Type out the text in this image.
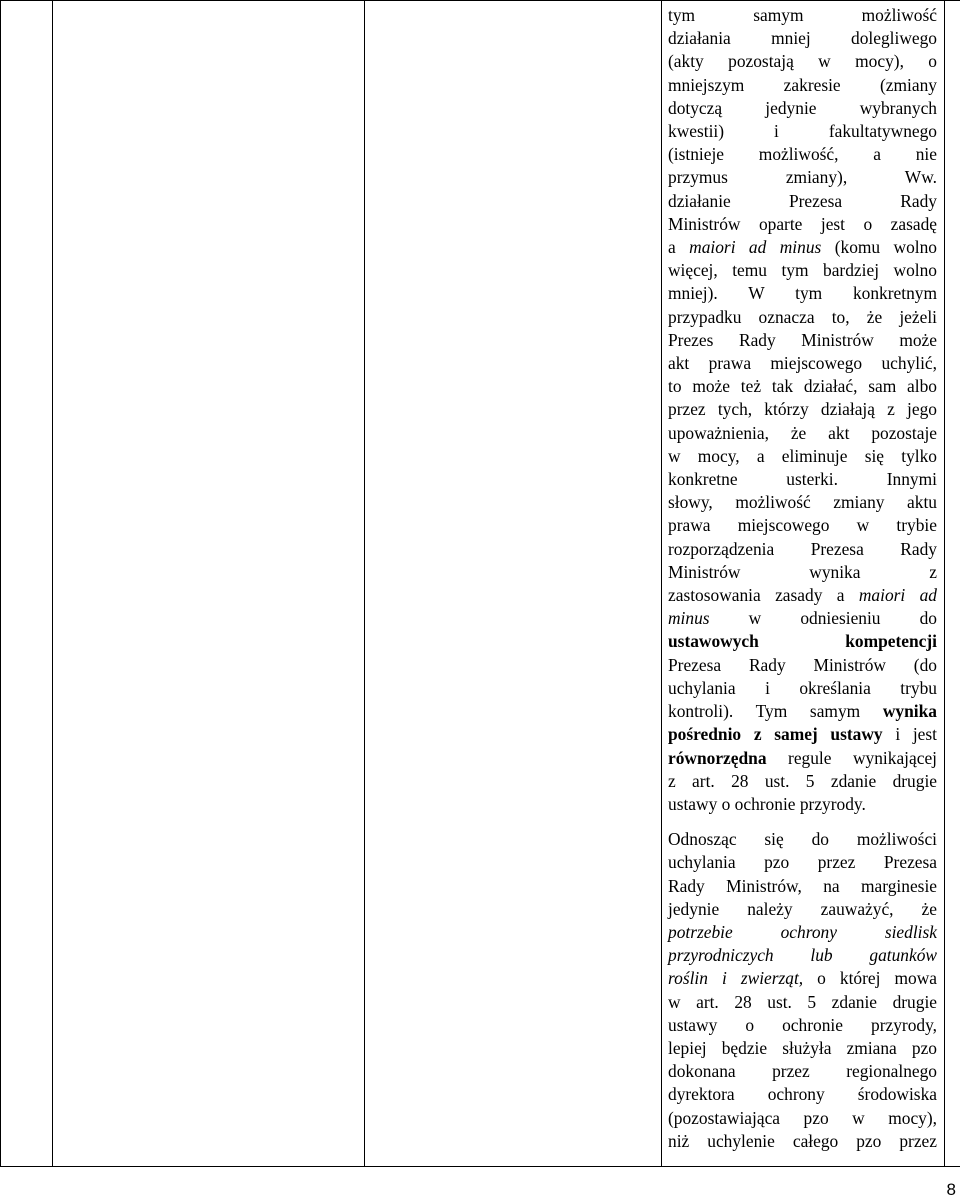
tym samym możliwość

działania mniej dolegliwego

(akty pozostają w mocy), o

mniejszym zakresie (zmiany

dotyczą jedynie wybranych

kwestii) i fakultatywnego

(istnieje możliwość, a nie

przymus zmiany), Ww.

działanie Prezesa Rady

Ministrów oparte jest o zasadę

a maiori ad minus (komu wolno

więcej, temu tym bardziej wolno

mniej). W tym konkretnym

przypadku oznacza to, że jeżeli

Prezes Rady Ministrów może

akt prawa miejscowego uchylić,

to może też tak działać, sam albo

przez tych, którzy działają z jego

upoważnienia, że akt pozostaje

w mocy, a eliminuje się tylko

konkretne usterki. Innymi

słowy, możliwość zmiany aktu

prawa miejscowego w trybie

rozporządzenia Prezesa Rady

Ministrów wynika z

zastosowania zasady a maiori ad

minus w odniesieniu do

ustawowych kompetencji

Prezesa Rady Ministrów (do

uchylania i określania trybu

kontroli). Tym samym wynika

pośrednio z samej ustawy i jest

równorzędna regule wynikającej

z art. 28 ust. 5 zdanie drugie

ustawy o ochronie przyrody.

Odnosząc się do możliwości

uchylania pzo przez Prezesa

Rady Ministrów, na marginesie

jedynie należy zauważyć, że

potrzebie ochrony siedlisk

przyrodniczych lub gatunków

roślin i zwierząt, o której mowa

w art. 28 ust. 5 zdanie drugie

ustawy o ochronie przyrody,

lepiej będzie służyła zmiana pzo

dokonana przez regionalnego

dyrektora ochrony środowiska

(pozostawiająca pzo w mocy),

niż uchylenie całego pzo przez

8
